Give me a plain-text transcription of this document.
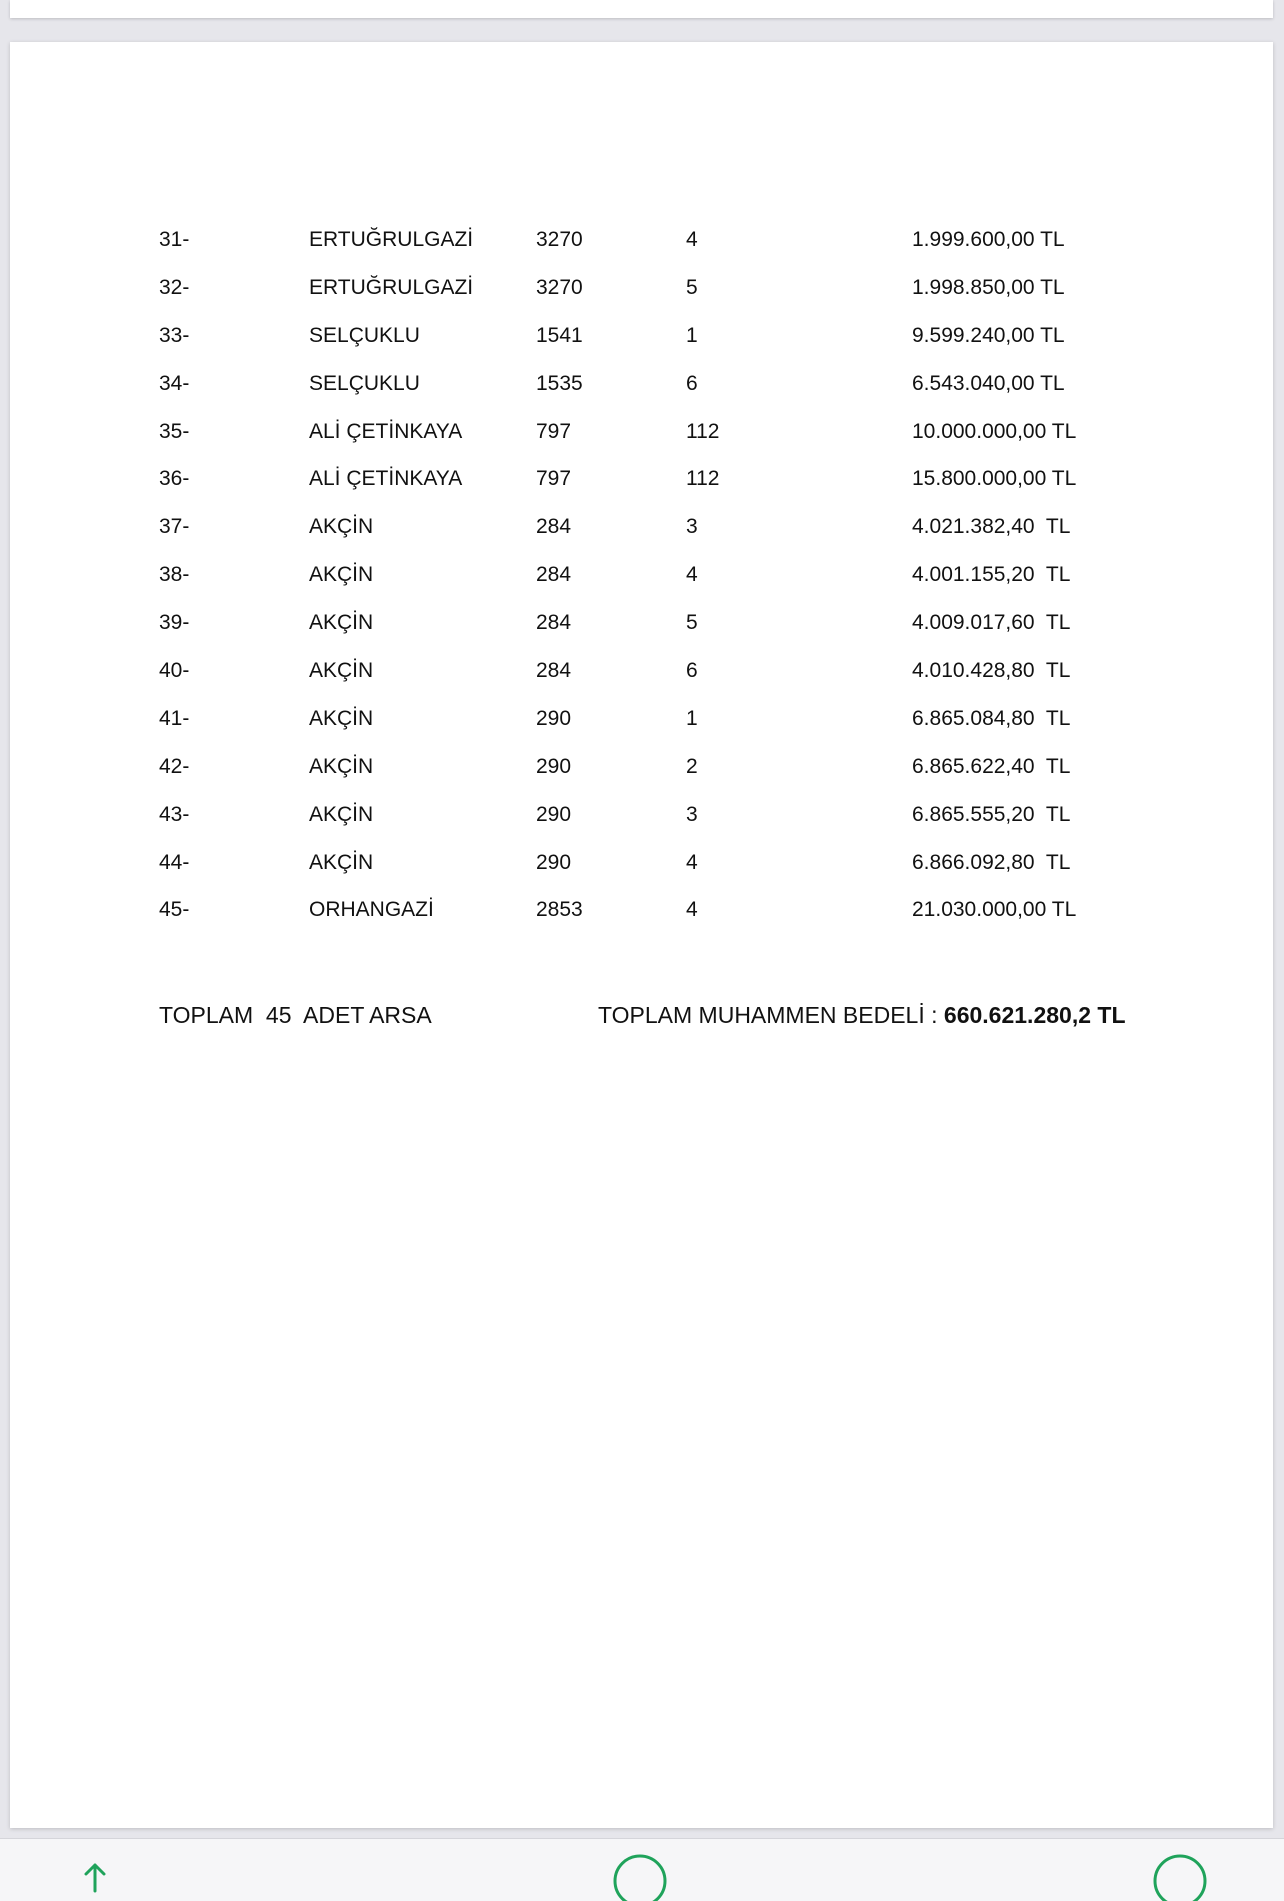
31-	ERTUĞRULGAZİ	3270	4	1.999.600,00 TL
32-	ERTUĞRULGAZİ	3270	5	1.998.850,00 TL
33-	SELÇUKLU	1541	1	9.599.240,00 TL
34-	SELÇUKLU	1535	6	6.543.040,00 TL
35-	ALİ ÇETİNKAYA	797	112	10.000.000,00 TL
36-	ALİ ÇETİNKAYA	797	112	15.800.000,00 TL
37-	AKÇİN	284	3	4.021.382,40  TL
38-	AKÇİN	284	4	4.001.155,20  TL
39-	AKÇİN	284	5	4.009.017,60  TL
40-	AKÇİN	284	6	4.010.428,80  TL
41-	AKÇİN	290	1	6.865.084,80  TL
42-	AKÇİN	290	2	6.865.622,40  TL
43-	AKÇİN	290	3	6.865.555,20  TL
44-	AKÇİN	290	4	6.866.092,80  TL
45-	ORHANGAZİ	2853	4	21.030.000,00 TL
TOPLAM  45  ADET ARSA	TOPLAM MUHAMMEN BEDELİ : 660.621.280,2 TL
